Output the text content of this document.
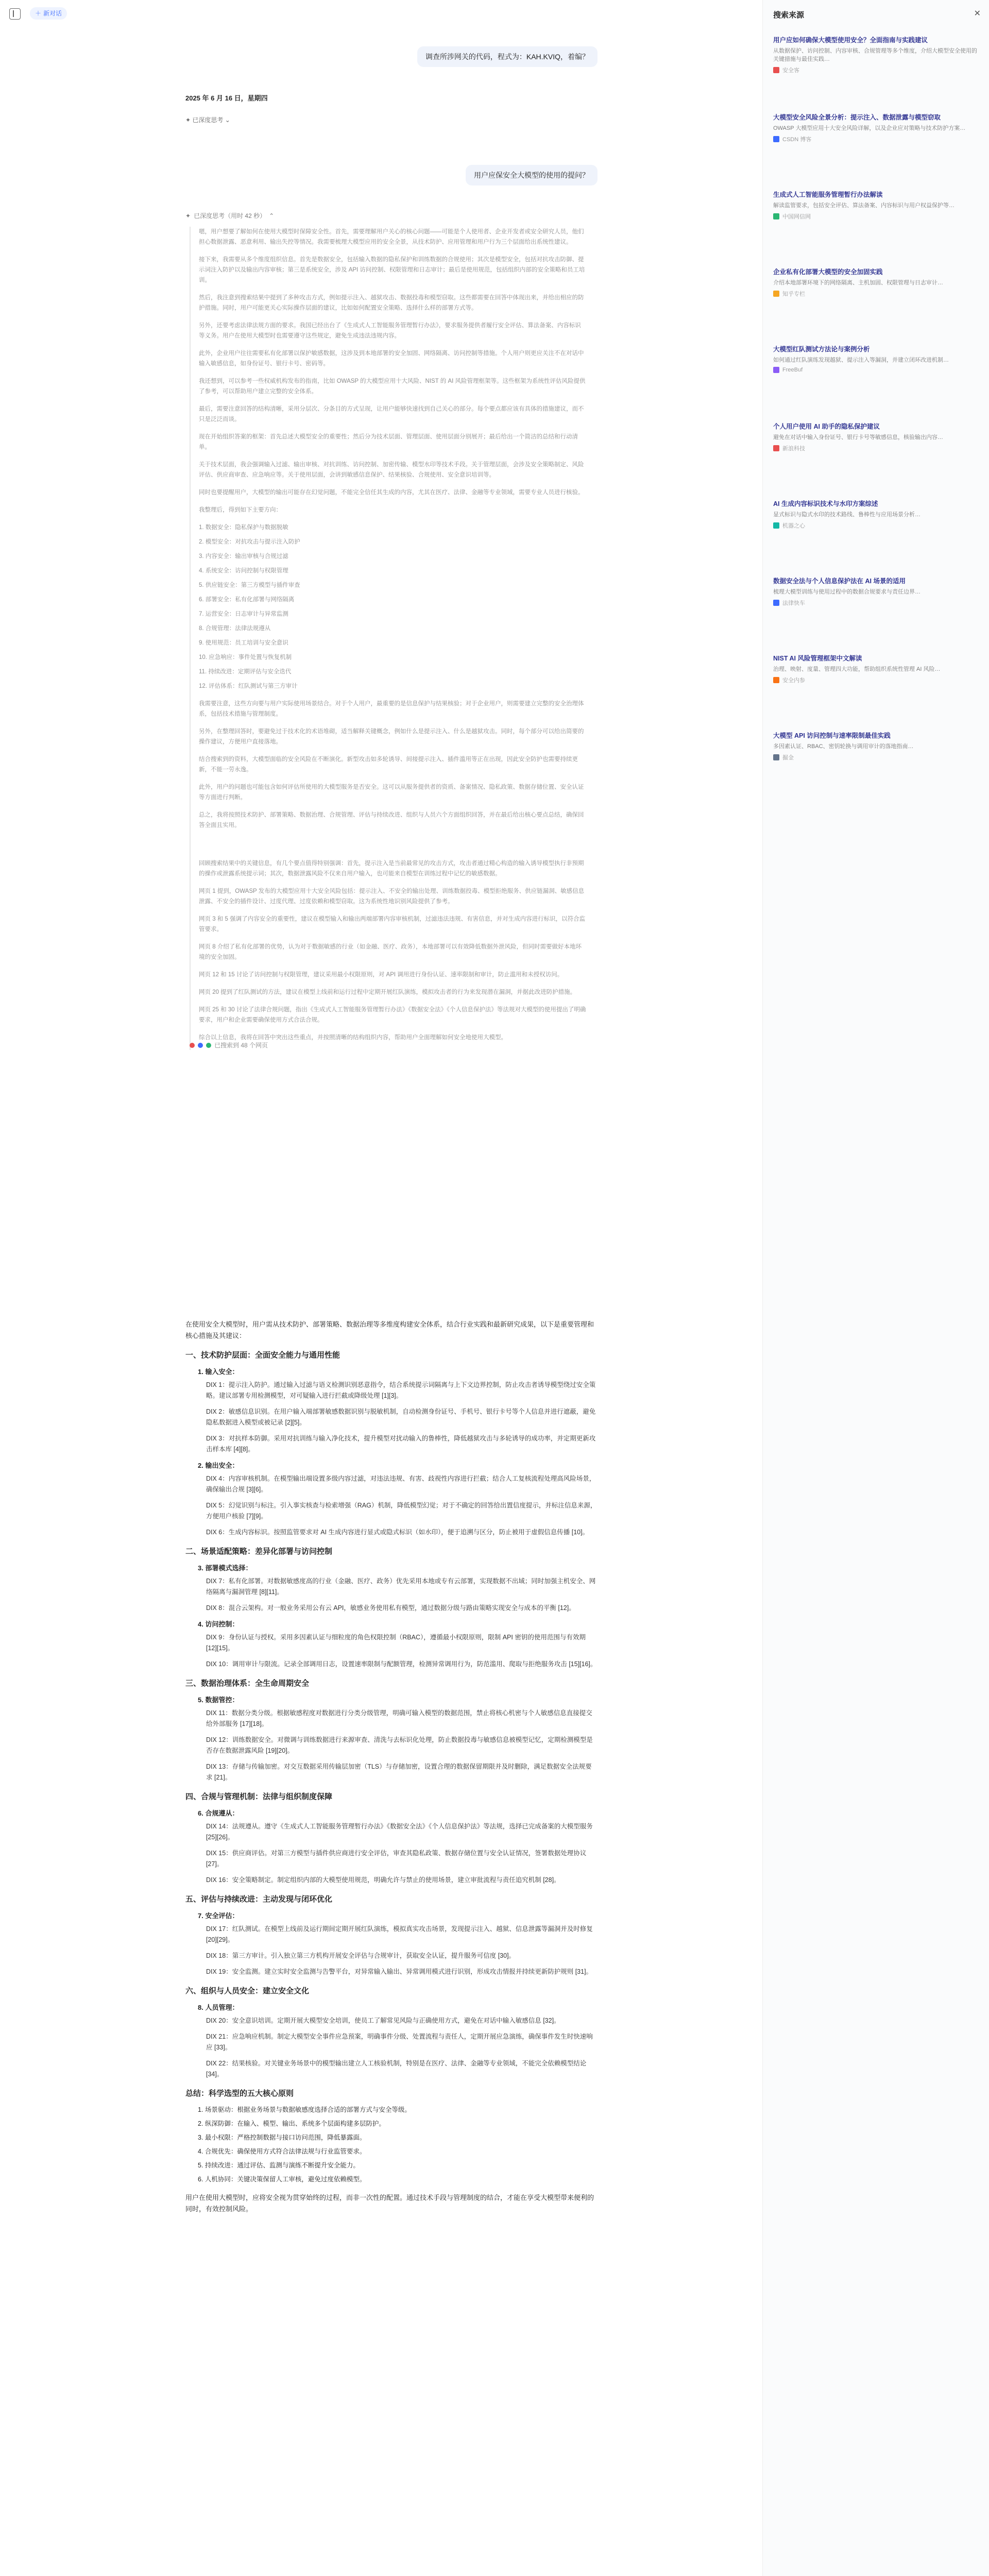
＋ 新对话
调查所涉网关的代码，程式为：KAH.KVIQ，着编？
2025 年 6 月 16 日，星期四
✦ 已深度思考 ⌄
用户应保安全大模型的使用的提问？
✦ 已深度思考（用时 42 秒） ⌃

嗯，用户想要了解如何在使用大模型时保障安全性。首先，需要理解用户关心的核心问题——可能是个人使用者、企业开发者或安全研究人员，他们担心数据泄露、恶意利用、输出失控等情况。我需要梳理大模型应用的安全全景，从技术防护、应用管理和用户行为三个层面给出系统性建议。

接下来，我需要从多个维度组织信息。首先是数据安全，包括输入数据的隐私保护和训练数据的合规使用；其次是模型安全，包括对抗攻击防御、提示词注入防护以及输出内容审核；第三是系统安全，涉及 API 访问控制、权限管理和日志审计；最后是使用规范，包括组织内部的安全策略和员工培训。

然后，我注意到搜索结果中提到了多种攻击方式，例如提示注入、越狱攻击、数据投毒和模型窃取。这些都需要在回答中体现出来，并给出相应的防护措施。同时，用户可能更关心实际操作层面的建议，比如如何配置安全策略、选择什么样的部署方式等。

另外，还要考虑法律法规方面的要求。我国已经出台了《生成式人工智能服务管理暂行办法》，要求服务提供者履行安全评估、算法备案、内容标识等义务。用户在使用大模型时也需要遵守这些规定，避免生成违法违规内容。

此外，企业用户往往需要私有化部署以保护敏感数据，这涉及到本地部署的安全加固、网络隔离、访问控制等措施。个人用户则更应关注不在对话中输入敏感信息，如身份证号、银行卡号、密码等。

我还想到，可以参考一些权威机构发布的指南，比如 OWASP 的大模型应用十大风险、NIST 的 AI 风险管理框架等。这些框架为系统性评估风险提供了参考，可以帮助用户建立完整的安全体系。

最后，需要注意回答的结构清晰，采用分层次、分条目的方式呈现，让用户能够快速找到自己关心的部分。每个要点都应该有具体的措施建议，而不只是泛泛而谈。

现在开始组织答案的框架：首先总述大模型安全的重要性；然后分为技术层面、管理层面、使用层面分别展开；最后给出一个简洁的总结和行动清单。

关于技术层面，我会强调输入过滤、输出审核、对抗训练、访问控制、加密传输、模型水印等技术手段。关于管理层面，会涉及安全策略制定、风险评估、供应商审查、应急响应等。关于使用层面，会讲到敏感信息保护、结果核验、合规使用、安全意识培训等。

同时也要提醒用户，大模型的输出可能存在幻觉问题，不能完全信任其生成的内容，尤其在医疗、法律、金融等专业领域，需要专业人员进行核验。

我整理后，得到如下主要方向：

1. 数据安全：隐私保护与数据脱敏
2. 模型安全：对抗攻击与提示注入防护
3. 内容安全：输出审核与合规过滤
4. 系统安全：访问控制与权限管理
5. 供应链安全：第三方模型与插件审查
6. 部署安全：私有化部署与网络隔离
7. 运营安全：日志审计与异常监测
8. 合规管理：法律法规遵从
9. 使用规范：员工培训与安全意识
10. 应急响应：事件处置与恢复机制
11. 持续改进：定期评估与安全迭代
12. 评估体系：红队测试与第三方审计

我需要注意，这些方向要与用户实际使用场景结合。对于个人用户，最重要的是信息保护与结果核验；对于企业用户，则需要建立完整的安全治理体系，包括技术措施与管理制度。

另外，在整理回答时，要避免过于技术化的术语堆砌，适当解释关键概念，例如什么是提示注入、什么是越狱攻击。同时，每个部分可以给出简要的操作建议，方便用户直接落地。

结合搜索到的资料，大模型面临的安全风险在不断演化。新型攻击如多轮诱导、间接提示注入、插件滥用等正在出现，因此安全防护也需要持续更新，不能一劳永逸。

此外，用户的问题也可能包含如何评估所使用的大模型服务是否安全。这可以从服务提供者的资质、备案情况、隐私政策、数据存储位置、安全认证等方面进行判断。

总之，我将按照技术防护、部署策略、数据治理、合规管理、评估与持续改进、组织与人员六个方面组织回答，并在最后给出核心要点总结，确保回答全面且实用。

回顾搜索结果中的关键信息，有几个要点值得特别强调：首先，提示注入是当前最常见的攻击方式，攻击者通过精心构造的输入诱导模型执行非预期的操作或泄露系统提示词；其次，数据泄露风险不仅来自用户输入，也可能来自模型在训练过程中记忆的敏感数据。

网页 1 提到，OWASP 发布的大模型应用十大安全风险包括：提示注入、不安全的输出处理、训练数据投毒、模型拒绝服务、供应链漏洞、敏感信息泄露、不安全的插件设计、过度代理、过度依赖和模型窃取。这为系统性地识别风险提供了参考。

网页 3 和 5 强调了内容安全的重要性，建议在模型输入和输出两端部署内容审核机制，过滤违法违规、有害信息，并对生成内容进行标识，以符合监管要求。

网页 8 介绍了私有化部署的优势，认为对于数据敏感的行业（如金融、医疗、政务），本地部署可以有效降低数据外泄风险，但同时需要做好本地环境的安全加固。

网页 12 和 15 讨论了访问控制与权限管理，建议采用最小权限原则，对 API 调用进行身份认证、速率限制和审计，防止滥用和未授权访问。

网页 20 提到了红队测试的方法，建议在模型上线前和运行过程中定期开展红队演练，模拟攻击者的行为来发现潜在漏洞，并据此改进防护措施。

网页 25 和 30 讨论了法律合规问题，指出《生成式人工智能服务管理暂行办法》《数据安全法》《个人信息保护法》等法规对大模型的使用提出了明确要求，用户和企业需要确保使用方式合法合规。

综合以上信息，我将在回答中突出这些重点，并按照清晰的结构组织内容，帮助用户全面理解如何安全地使用大模型。

已搜索到 48 个网页

在使用安全大模型时，用户需从技术防护、部署策略、数据治理等多维度构建安全体系，结合行业实践和最新研究成果，以下是重要管理和核心措施及其建议：

一、技术防护层面：全面安全能力与通用性能
1. 输入安全：
DIX 1：提示注入防护。通过输入过滤与语义检测识别恶意指令，结合系统提示词隔离与上下文边界控制，防止攻击者诱导模型绕过安全策略。建议部署专用检测模型，对可疑输入进行拦截或降级处理 [1][3]。
DIX 2：敏感信息识别。在用户输入端部署敏感数据识别与脱敏机制，自动检测身份证号、手机号、银行卡号等个人信息并进行遮蔽，避免隐私数据进入模型或被记录 [2][5]。
DIX 3：对抗样本防御。采用对抗训练与输入净化技术，提升模型对扰动输入的鲁棒性，降低越狱攻击与多轮诱导的成功率，并定期更新攻击样本库 [4][8]。
2. 输出安全：
DIX 4：内容审核机制。在模型输出端设置多级内容过滤，对违法违规、有害、歧视性内容进行拦截；结合人工复核流程处理高风险场景，确保输出合规 [3][6]。
DIX 5：幻觉识别与标注。引入事实核查与检索增强（RAG）机制，降低模型幻觉；对于不确定的回答给出置信度提示，并标注信息来源，方便用户核验 [7][9]。
DIX 6：生成内容标识。按照监管要求对 AI 生成内容进行显式或隐式标识（如水印），便于追溯与区分，防止被用于虚假信息传播 [10]。
二、场景适配策略：差异化部署与访问控制
3. 部署模式选择：
DIX 7：私有化部署。对数据敏感度高的行业（金融、医疗、政务）优先采用本地或专有云部署，实现数据不出域；同时加强主机安全、网络隔离与漏洞管理 [8][11]。
DIX 8：混合云架构。对一般业务采用公有云 API，敏感业务使用私有模型，通过数据分级与路由策略实现安全与成本的平衡 [12]。
4. 访问控制：
DIX 9：身份认证与授权。采用多因素认证与细粒度的角色权限控制（RBAC），遵循最小权限原则，限制 API 密钥的使用范围与有效期 [12][15]。
DIX 10：调用审计与限流。记录全部调用日志，设置速率限制与配额管理，检测异常调用行为，防范滥用、爬取与拒绝服务攻击 [15][16]。
三、数据治理体系：全生命周期安全
5. 数据管控：
DIX 11：数据分类分级。根据敏感程度对数据进行分类分级管理，明确可输入模型的数据范围，禁止将核心机密与个人敏感信息直接提交给外部服务 [17][18]。
DIX 12：训练数据安全。对微调与训练数据进行来源审查、清洗与去标识化处理，防止数据投毒与敏感信息被模型记忆，定期检测模型是否存在数据泄露风险 [19][20]。
DIX 13：存储与传输加密。对交互数据采用传输层加密（TLS）与存储加密，设置合理的数据保留期限并及时删除，满足数据安全法规要求 [21]。
四、合规与管理机制：法律与组织制度保障
6. 合规遵从：
DIX 14：法规遵从。遵守《生成式人工智能服务管理暂行办法》《数据安全法》《个人信息保护法》等法规，选择已完成备案的大模型服务 [25][26]。
DIX 15：供应商评估。对第三方模型与插件供应商进行安全评估，审查其隐私政策、数据存储位置与安全认证情况，签署数据处理协议 [27]。
DIX 16：安全策略制定。制定组织内部的大模型使用规范，明确允许与禁止的使用场景，建立审批流程与责任追究机制 [28]。
五、评估与持续改进：主动发现与闭环优化
7. 安全评估：
DIX 17：红队测试。在模型上线前及运行期间定期开展红队演练，模拟真实攻击场景，发现提示注入、越狱、信息泄露等漏洞并及时修复 [20][29]。
DIX 18：第三方审计。引入独立第三方机构开展安全评估与合规审计，获取安全认证，提升服务可信度 [30]。
DIX 19：安全监测。建立实时安全监测与告警平台，对异常输入输出、异常调用模式进行识别，形成攻击情报并持续更新防护规则 [31]。
六、组织与人员安全：建立安全文化
8. 人员管理：
DIX 20：安全意识培训。定期开展大模型安全培训，使员工了解常见风险与正确使用方式，避免在对话中输入敏感信息 [32]。
DIX 21：应急响应机制。制定大模型安全事件应急预案，明确事件分级、处置流程与责任人，定期开展应急演练，确保事件发生时快速响应 [33]。
DIX 22：结果核验。对关键业务场景中的模型输出建立人工核验机制，特别是在医疗、法律、金融等专业领域，不能完全依赖模型结论 [34]。
总结：科学选型的五大核心原则
1. 场景驱动：根据业务场景与数据敏感度选择合适的部署方式与安全等级。
2. 纵深防御：在输入、模型、输出、系统多个层面构建多层防护。
3. 最小权限：严格控制数据与接口访问范围，降低暴露面。
4. 合规优先：确保使用方式符合法律法规与行业监管要求。
5. 持续改进：通过评估、监测与演练不断提升安全能力。
6. 人机协同：关键决策保留人工审核，避免过度依赖模型。

用户在使用大模型时，应将安全视为贯穿始终的过程，而非一次性的配置。通过技术手段与管理制度的结合，才能在享受大模型带来便利的同时，有效控制风险。

搜索来源	✕
用户应如何确保大模型使用安全？全面指南与实践建议
从数据保护、访问控制、内容审核、合规管理等多个维度，介绍大模型安全使用的关键措施与最佳实践…
安全客
大模型安全风险全景分析：提示注入、数据泄露与模型窃取
OWASP 大模型应用十大安全风险详解，以及企业应对策略与技术防护方案…
CSDN 博客
生成式人工智能服务管理暂行办法解读
解读监管要求，包括安全评估、算法备案、内容标识与用户权益保护等…
中国网信网
企业私有化部署大模型的安全加固实践
介绍本地部署环境下的网络隔离、主机加固、权限管理与日志审计…
知乎专栏
大模型红队测试方法论与案例分析
如何通过红队演练发现越狱、提示注入等漏洞，并建立闭环改进机制…
FreeBuf
个人用户使用 AI 助手的隐私保护建议
避免在对话中输入身份证号、银行卡号等敏感信息，核验输出内容…
新浪科技
AI 生成内容标识技术与水印方案综述
显式标识与隐式水印的技术路线、鲁棒性与应用场景分析…
机器之心
数据安全法与个人信息保护法在 AI 场景的适用
梳理大模型训练与使用过程中的数据合规要求与责任边界…
法律快车
NIST AI 风险管理框架中文解读
治理、映射、度量、管理四大功能，帮助组织系统性管理 AI 风险…
安全内参
大模型 API 访问控制与速率限制最佳实践
多因素认证、RBAC、密钥轮换与调用审计的落地指南…
掘金
